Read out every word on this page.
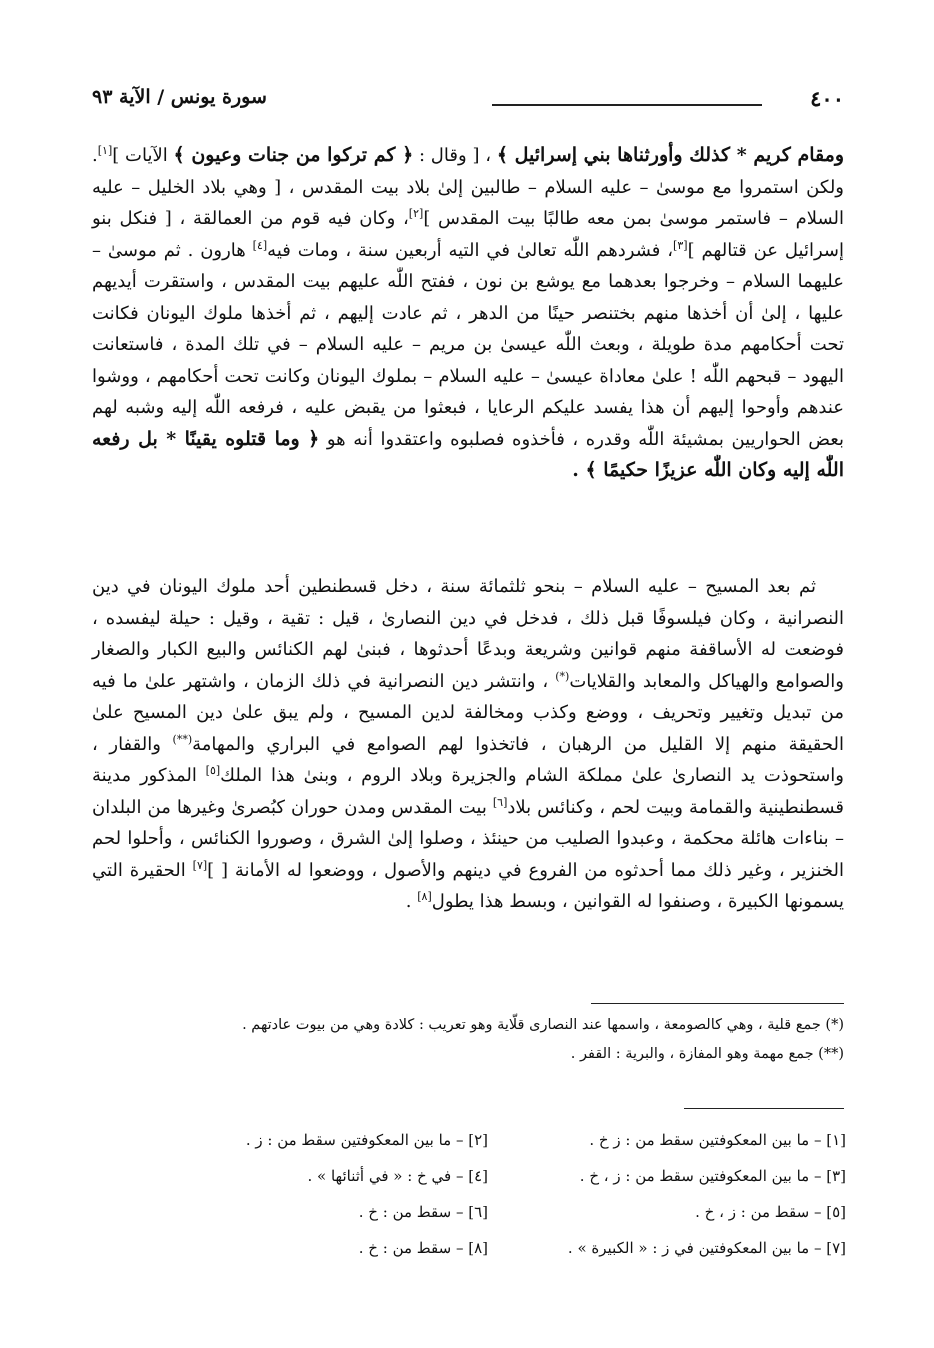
٤٠٠
سورة يونس / الآية ٩٣

ومقام كريم * كذلك وأورثناها بني إسرائيل ﴾ ، [ وقال : ﴿ كم تركوا من جنات وعيون ﴾ الآيات ][١]. ولكن استمروا مع موسىٰ – عليه السلام – طالبين إلىٰ بلاد بيت المقدس ، [ وهي بلاد الخليل – عليه السلام – فاستمر موسىٰ بمن معه طالبًا بيت المقدس ][٢]، وكان فيه قوم من العمالقة ، [ فنكل بنو إسرائيل عن قتالهم ][٣]، فشردهم اللّٰه تعالىٰ في التيه أربعين سنة ، ومات فيه[٤] هارون . ثم موسىٰ – عليهما السلام – وخرجوا بعدهما مع يوشع بن نون ، ففتح اللّٰه عليهم بيت المقدس ، واستقرت أيديهم عليها ، إلىٰ أن أخذها منهم بختنصر حينًا من الدهر ، ثم عادت إليهم ، ثم أخذها ملوك اليونان فكانت تحت أحكامهم مدة طويلة ، وبعث اللّٰه عيسىٰ بن مريم – عليه السلام – في تلك المدة ، فاستعانت اليهود – قبحهم اللّٰه ! علىٰ معاداة عيسىٰ – عليه السلام – بملوك اليونان وكانت تحت أحكامهم ، ووشوا عندهم وأوحوا إليهم أن هذا يفسد عليكم الرعايا ، فبعثوا من يقبض عليه ، فرفعه اللّٰه إليه وشبه لهم بعض الحواريين بمشيئة اللّٰه وقدره ، فأخذوه فصلبوه واعتقدوا أنه هو ﴿ وما قتلوه يقينًا * بل رفعه اللّٰه إليه وكان اللّٰه عزيزًا حكيمًا ﴾ .

ثم بعد المسيح – عليه السلام – بنحو ثلثمائة سنة ، دخل قسطنطين أحد ملوك اليونان في دين النصرانية ، وكان فيلسوفًا قبل ذلك ، فدخل في دين النصارىٰ ، قيل : تقية ، وقيل : حيلة ليفسده ، فوضعت له الأساقفة منهم قوانين وشريعة وبدعًا أحدثوها ، فبنىٰ لهم الكنائس والبيع الكبار والصغار والصوامع والهياكل والمعابد والقلايات(*) ، وانتشر دين النصرانية في ذلك الزمان ، واشتهر علىٰ ما فيه من تبديل وتغيير وتحريف ، ووضع وكذب ومخالفة لدين المسيح ، ولم يبق علىٰ دين المسيح علىٰ الحقيقة منهم إلا القليل من الرهبان ، فاتخذوا لهم الصوامع في البراري والمهامة(**) والقفار ، واستحوذت يد النصارىٰ علىٰ مملكة الشام والجزيرة وبلاد الروم ، وبنىٰ هذا الملك[٥] المذكور مدينة قسطنطينية والقمامة وبيت لحم ، وكنائس بلاد[٦] بيت المقدس ومدن حوران كبُصرىٰ وغيرها من البلدان – بناءات هائلة محكمة ، وعبدوا الصليب من حينئذ ، وصلوا إلىٰ الشرق ، وصوروا الكنائس ، وأحلوا لحم الخنزير ، وغير ذلك مما أحدثوه من الفروع في دينهم والأصول ، ووضعوا له الأمانة [ ][٧] الحقيرة التي يسمونها الكبيرة ، وصنفوا له القوانين ، وبسط هذا يطول[٨] .

(*) جمع قلية ، وهي كالصومعة ، واسمها عند النصارى قلّاية وهو تعريب : كلادة وهي من بيوت عادتهم .
(**) جمع مهمة وهو المفازة ، والبرية : القفر .
[١] – ما بين المعكوفتين سقط من : ز خ .
[٢] – ما بين المعكوفتين سقط من : ز .
[٣] – ما بين المعكوفتين سقط من : ز ، خ .
[٤] – في خ : « في أثنائها » .
[٥] – سقط من : ز ، خ .
[٦] – سقط من : خ .
[٧] – ما بين المعكوفتين في ز : « الكبيرة » .
[٨] – سقط من : خ .
